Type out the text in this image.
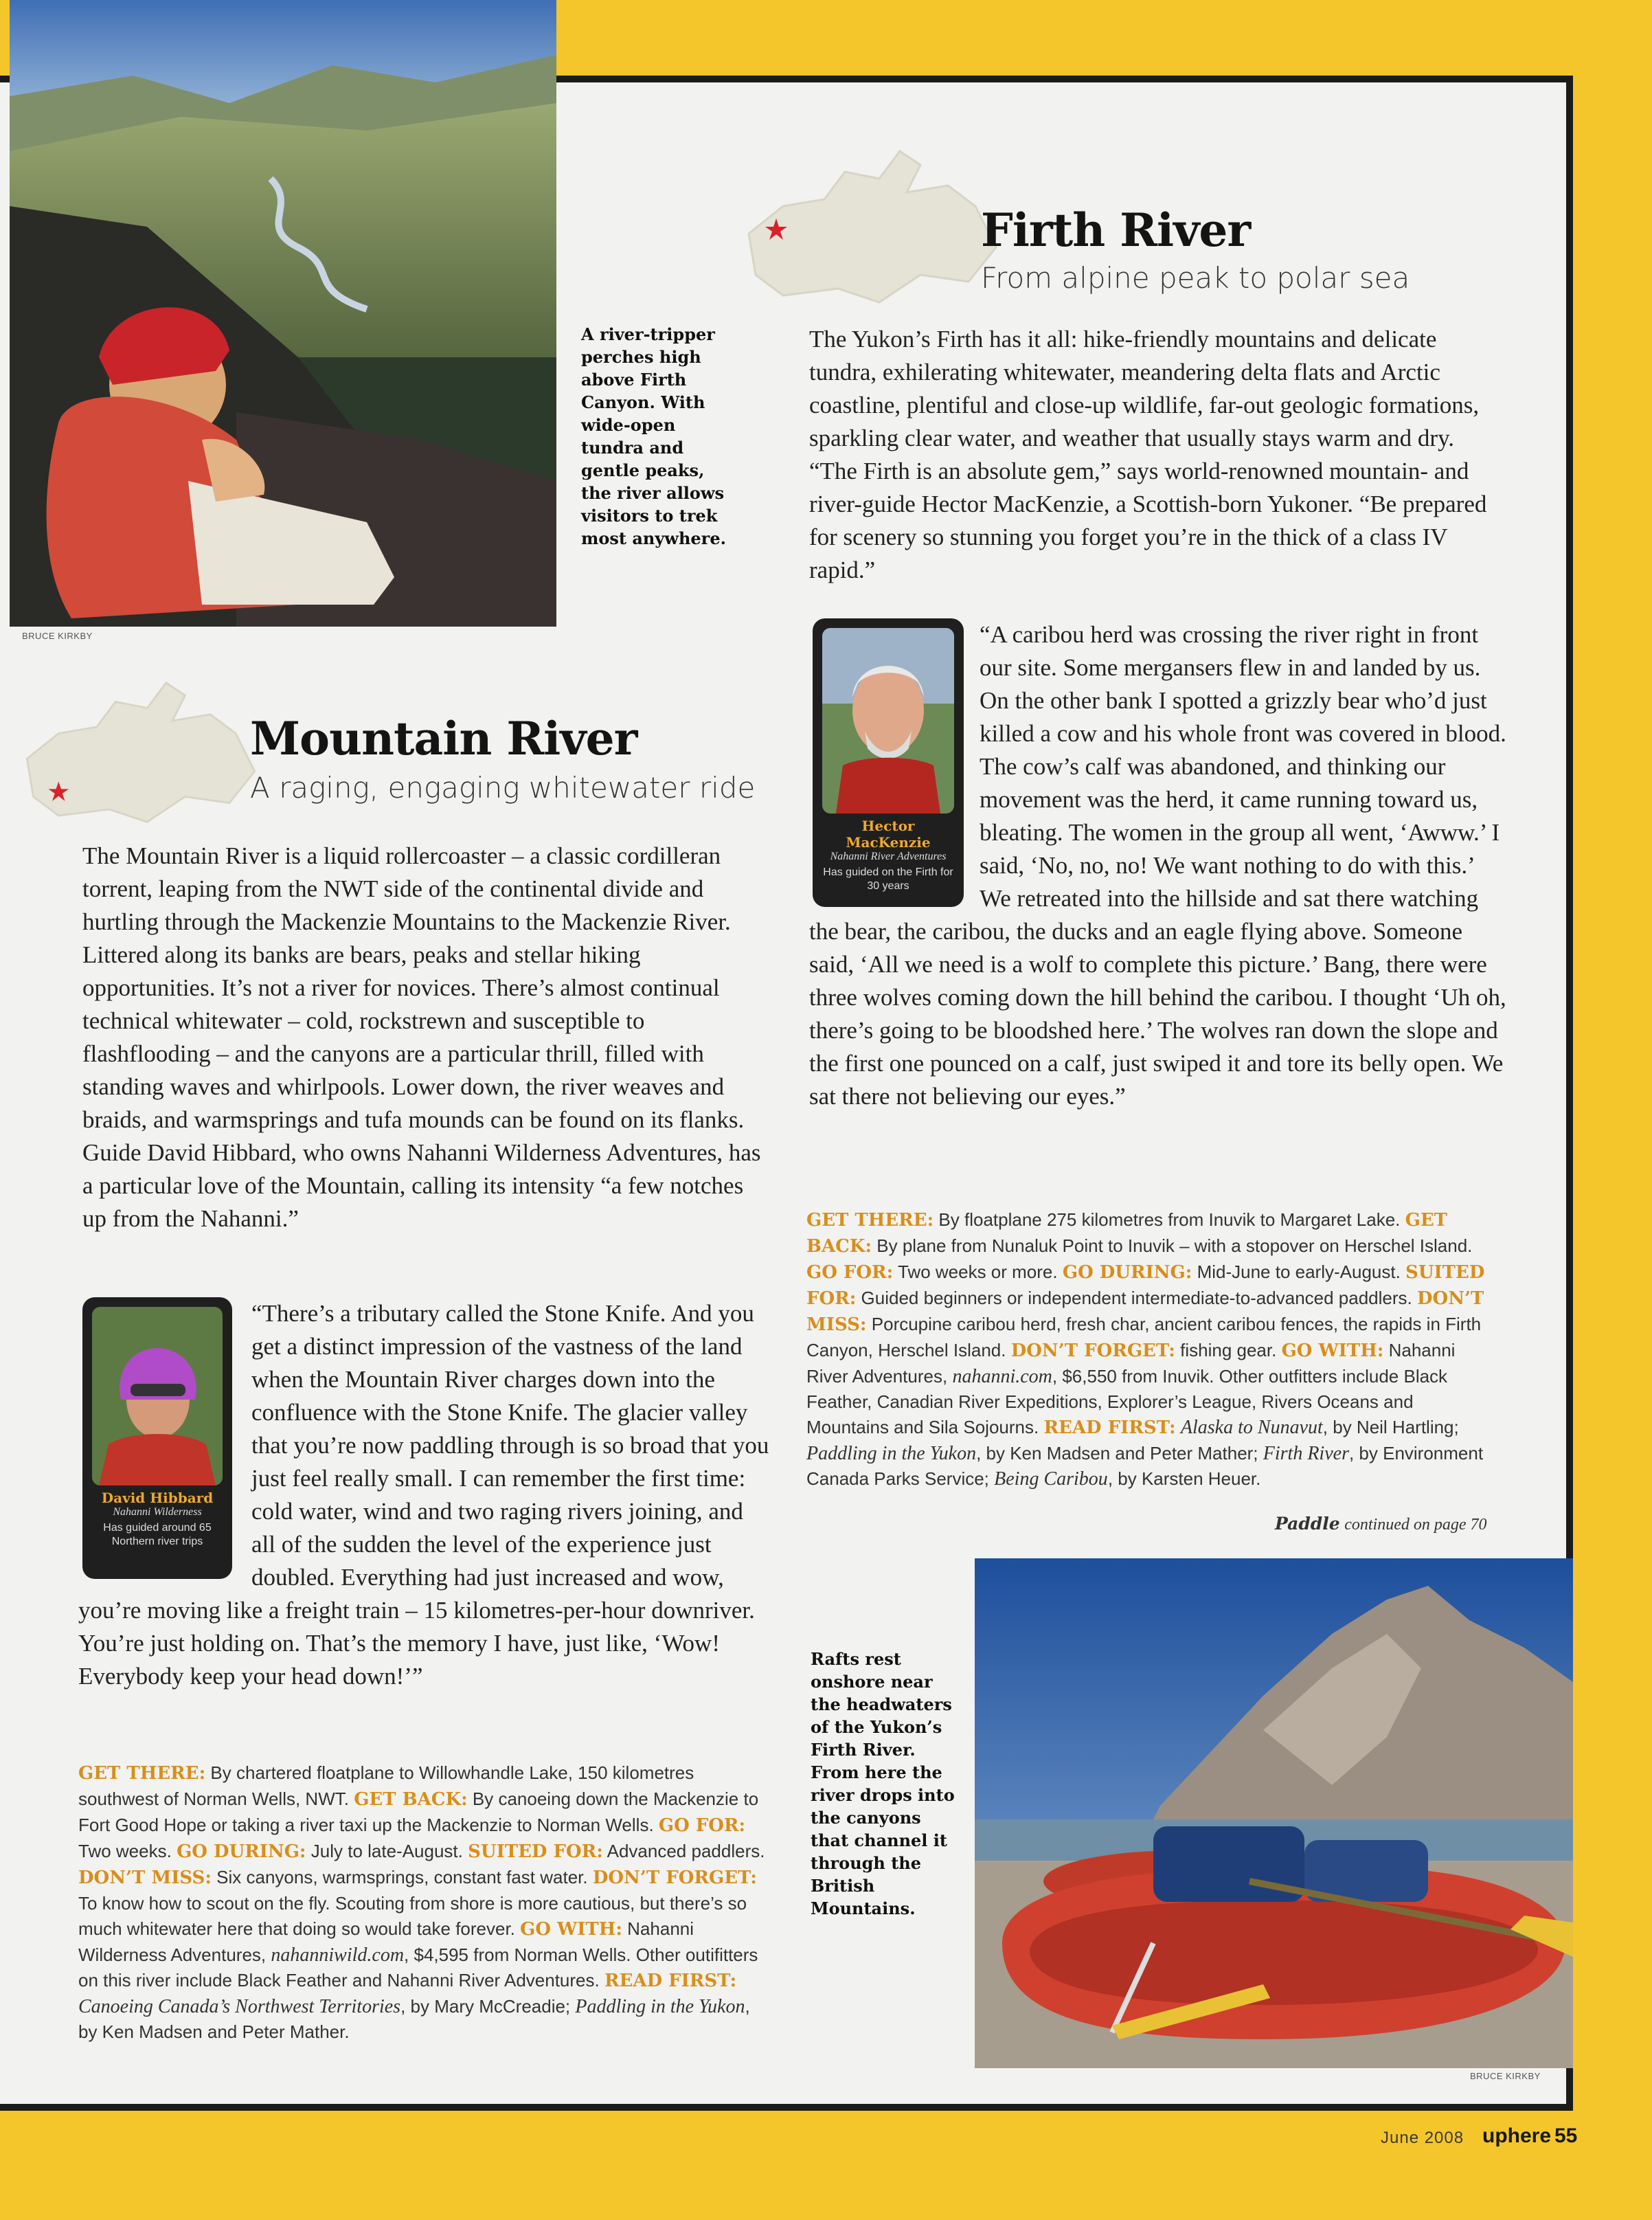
BRUCE KIRKBY
A river-tripper perches high above Firth Canyon. With wide-open tundra and gentle peaks, the river allows visitors to trek most anywhere.
Firth River
From alpine peak to polar sea

The Yukon’s Firth has it all: hike-friendly mountains and delicate tundra, exhilerating whitewater, meandering delta flats and Arctic coastline, plentiful and close-up wildlife, far-out geologic formations, sparkling clear water, and weather that usually stays warm and dry. “The Firth is an absolute gem,” says world-renowned mountain- and river-guide Hector MacKenzie, a Scottish-born Yukoner. “Be prepared for scenery so stunning you forget you’re in the thick of a class IV rapid.”

Hector MacKenzie
Nahanni River Adventures
Has guided on the Firth for 30 years

“A caribou herd was crossing the river right in front our site. Some mergansers flew in and landed by us. On the other bank I spotted a grizzly bear who’d just killed a cow and his whole front was covered in blood. The cow’s calf was abandoned, and thinking our movement was the herd, it came running toward us, bleating. The women in the group all went, ‘Awww.’ I said, ‘No, no, no! We want nothing to do with this.’ We retreated into the hillside and sat there watching the bear, the caribou, the ducks and an eagle flying above. Someone said, ‘All we need is a wolf to complete this picture.’ Bang, there were three wolves coming down the hill behind the caribou. I thought ‘Uh oh, there’s going to be bloodshed here.’ The wolves ran down the slope and the first one pounced on a calf, just swiped it and tore its belly open. We sat there not believing our eyes.”

GET THERE: By floatplane 275 kilometres from Inuvik to Margaret Lake. GET BACK: By plane from Nunaluk Point to Inuvik – with a stopover on Herschel Island. GO FOR: Two weeks or more. GO DURING: Mid-June to early-August. SUITED FOR: Guided beginners or independent intermediate-to-advanced paddlers. DON’T MISS: Porcupine caribou herd, fresh char, ancient caribou fences, the rapids in Firth Canyon, Herschel Island. DON’T FORGET: fishing gear. GO WITH: Nahanni River Adventures, nahanni.com, $6,550 from Inuvik. Other outfitters include Black Feather, Canadian River Expeditions, Explorer’s League, Rivers Oceans and Mountains and Sila Sojourns. READ FIRST: Alaska to Nunavut, by Neil Hartling; Paddling in the Yukon, by Ken Madsen and Peter Mather; Firth River, by Environment Canada Parks Service; Being Caribou, by Karsten Heuer.

Paddle continued on page 70
Mountain River
A raging, engaging whitewater ride

The Mountain River is a liquid rollercoaster – a classic cordilleran torrent, leaping from the NWT side of the continental divide and hurtling through the Mackenzie Mountains to the Mackenzie River. Littered along its banks are bears, peaks and stellar hiking opportunities. It’s not a river for novices. There’s almost continual technical whitewater – cold, rockstrewn and susceptible to flashflooding – and the canyons are a particular thrill, filled with standing waves and whirlpools. Lower down, the river weaves and braids, and warmsprings and tufa mounds can be found on its flanks. Guide David Hibbard, who owns Nahanni Wilderness Adventures, has a particular love of the Mountain, calling its intensity “a few notches up from the Nahanni.”

David Hibbard
Nahanni Wilderness
Has guided around 65 Northern river trips

“There’s a tributary called the Stone Knife. And you get a distinct impression of the vastness of the land when the Mountain River charges down into the confluence with the Stone Knife. The glacier valley that you’re now paddling through is so broad that you just feel really small. I can remember the first time: cold water, wind and two raging rivers joining, and all of the sudden the level of the experience just doubled. Everything had just increased and wow, you’re moving like a freight train – 15 kilometres-per-hour downriver. You’re just holding on. That’s the memory I have, just like, ‘Wow! Everybody keep your head down!’”

GET THERE: By chartered floatplane to Willowhandle Lake, 150 kilometres southwest of Norman Wells, NWT. GET BACK: By canoeing down the Mackenzie to Fort Good Hope or taking a river taxi up the Mackenzie to Norman Wells. GO FOR: Two weeks. GO DURING: July to late-August. SUITED FOR: Advanced paddlers. DON’T MISS: Six canyons, warmsprings, constant fast water. DON’T FORGET: To know how to scout on the fly. Scouting from shore is more cautious, but there’s so much whitewater here that doing so would take forever. GO WITH: Nahanni Wilderness Adventures, nahanniwild.com, $4,595 from Norman Wells. Other outifitters on this river include Black Feather and Nahanni River Adventures. READ FIRST: Canoeing Canada’s Northwest Territories, by Mary McCreadie; Paddling in the Yukon, by Ken Madsen and Peter Mather.

Rafts rest onshore near the headwaters of the Yukon’s Firth River. From here the river drops into the canyons that channel it through the British Mountains.
BRUCE KIRKBY
June 2008 uphere 55
